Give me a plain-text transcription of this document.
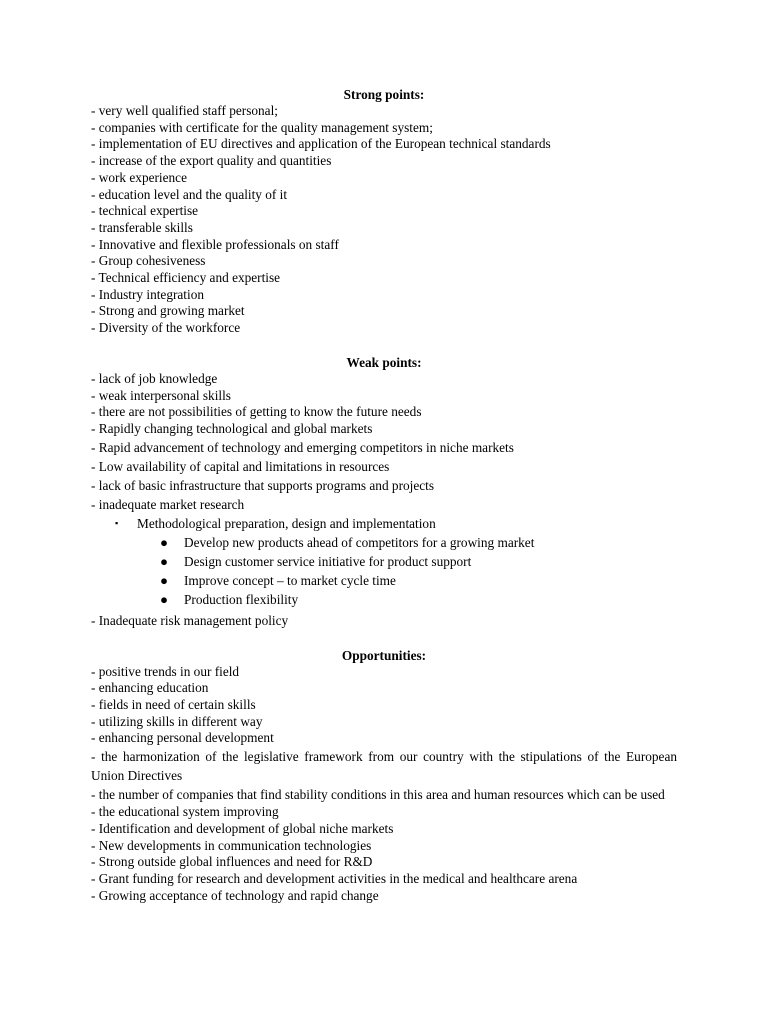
Strong points:

- very well qualified staff personal;

- companies with certificate for the quality management system;

- implementation of EU directives and application of the European technical standards

- increase of the export quality and quantities

- work experience

- education level and the quality of it

- technical expertise

- transferable skills

- Innovative and flexible professionals on staff

- Group cohesiveness

- Technical efficiency and expertise

- Industry integration

- Strong and growing market

- Diversity of the workforce

Weak points:

- lack of job knowledge

- weak interpersonal skills

- there are not possibilities of getting to know the future needs

- Rapidly changing technological and global markets

- Rapid advancement of technology and emerging competitors in niche markets

- Low availability of capital and limitations in resources

- lack of basic infrastructure that supports programs and projects

- inadequate market research

▪ Methodological preparation, design and implementation
● Develop new products ahead of competitors for a growing market
● Design customer service initiative for product support
● Improve concept – to market cycle time
● Production flexibility

- Inadequate risk management policy

Opportunities:

- positive trends in our field

- enhancing education

- fields in need of certain skills

- utilizing skills in different way

- enhancing personal development

- the harmonization of the legislative framework from our country with the stipulations of the European Union Directives

- the number of companies that find stability conditions in this area and human resources which can be used

- the educational system improving

- Identification and development of global niche markets

- New developments in communication technologies

- Strong outside global influences and need for R&D

- Grant funding for research and development activities in the medical and healthcare arena

- Growing acceptance of technology and rapid change
